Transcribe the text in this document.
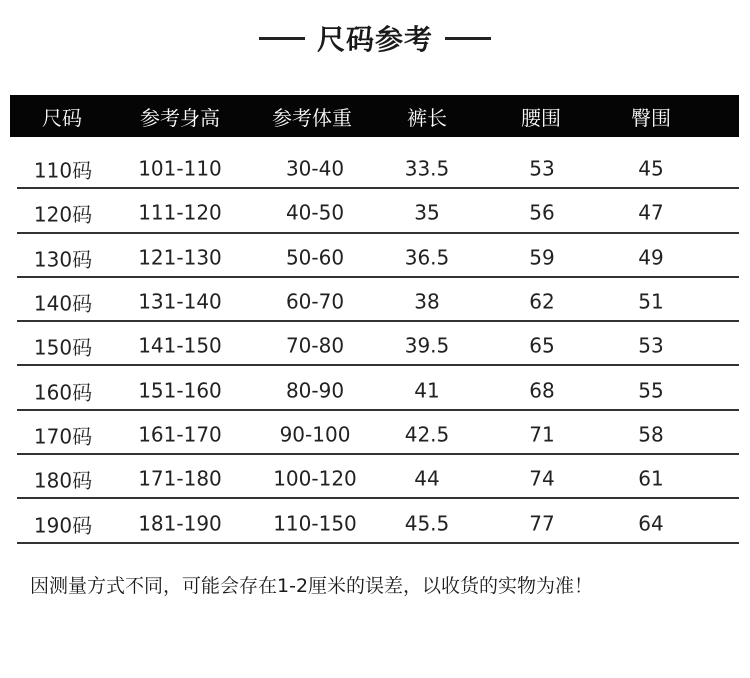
尺码参考
尺码	参考身高	参考体重	裤长	腰围	臀围
110码 101-110	30-40	33.5	53	45
120码 111-120	40-50	35	56	47
130码 121-130	50-60	36.5	59	49
140码 131-140	60-70	38	62	51
150码 141-150	70-80	39.5	65	53
160码 151-160	80-90	41	68	55
170码 161-170	90-100	42.5	71	58
180码 171-180	100-120	44	74	61
190码 181-190	110-150 45.5	77	64
因测量方式不同，可能会存在1-2厘米的误差，以收货的实物为准！
